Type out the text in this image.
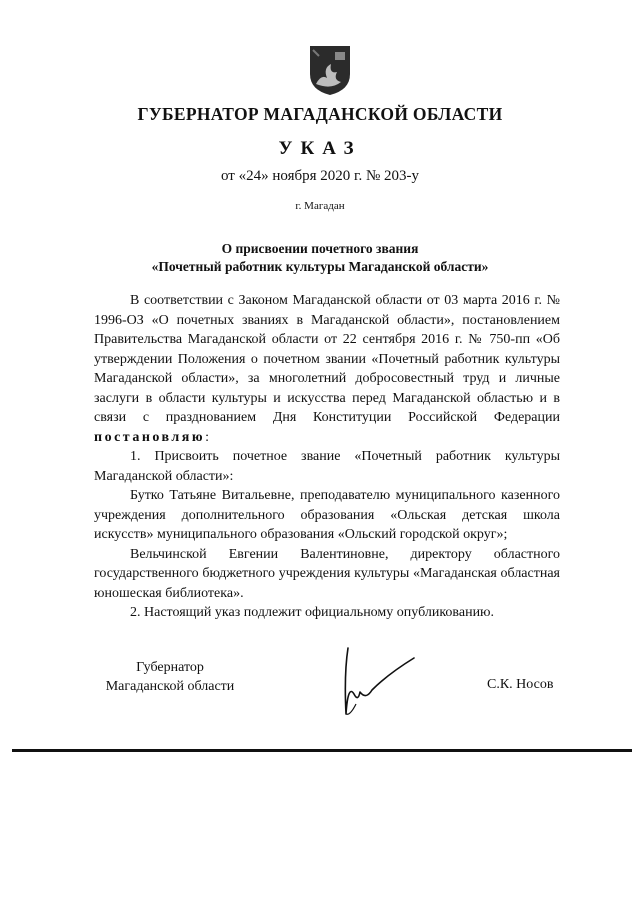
ГУБЕРНАТОР МАГАДАНСКОЙ ОБЛАСТИ
УКАЗ
от «24» ноября 2020 г. № 203-у
г. Магадан
О присвоении почетного звания
«Почетный работник культуры Магаданской области»

В соответствии с Законом Магаданской области от 03 марта 2016 г. № 1996-ОЗ «О почетных званиях в Магаданской области», постановлением Правительства Магаданской области от 22 сентября 2016 г. № 750-пп «Об утверждении Положения о почетном звании «Почетный работник культуры Магаданской области», за многолетний добросовестный труд и личные заслуги в области культуры и искусства перед Магаданской областью и в связи с празднованием Дня Конституции Российской Федерации постановляю:

1. Присвоить почетное звание «Почетный работник культуры Магаданской области»:

Бутко Татьяне Витальевне, преподавателю муниципального казенного учреждения дополнительного образования «Ольская детская школа искусств» муниципального образования «Ольский городской округ»;

Вельчинской Евгении Валентиновне, директору областного государственного бюджетного учреждения культуры «Магаданская областная юношеская библиотека».

2. Настоящий указ подлежит официальному опубликованию.

Губернатор
Магаданской области	С.К. Носов
